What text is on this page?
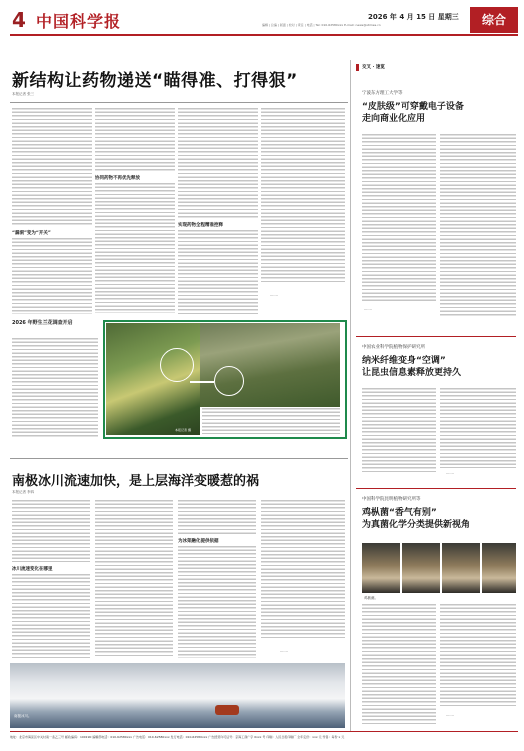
4 中国科学报	2026 年 4 月 15 日 星期三
编辑 | 总编 | 版面 | 校对 | 责任 | 电话 | Tel: 010-62580xxx E-mail: news@stimes.cn	综合
新结构让药物递送“瞄得准、打得狠”
本报记者 张三
“漏洞”变为“开关”
协同药物不再优先释放
实现药物全程精准控释
·······
2026 年野生兰花调查开启
本报记者 摄
南极冰川流速加快，是上层海洋变暖惹的祸
本报记者 李四
冰川流速变化在哪里
为冰架融化提供依据
·······
南极冰川。
交叉 · 速览
宁波东方理工大学等
“皮肤级”可穿戴电子设备
走向商业化应用
·······
中国农业科学院植物保护研究所
纳米纤维变身“空调”
让昆虫信息素释放更持久
·······
中国科学院昆明植物研究所等
鸡枞菌“香气有别”
为真菌化学分类提供新视角
鸡枞菌。
·······
地址：北京市海淀区中关村南一条乙三号 邮政编码：100190 编辑部电话：010-62580xxx 广告电话：010-62580xxx 发行电话：010-62580xxx 广告经营许可证号：京海工商广字 0xxx 号 印刷：人民日报印刷厂 全年定价：xxx 元 零售：每份 x 元
